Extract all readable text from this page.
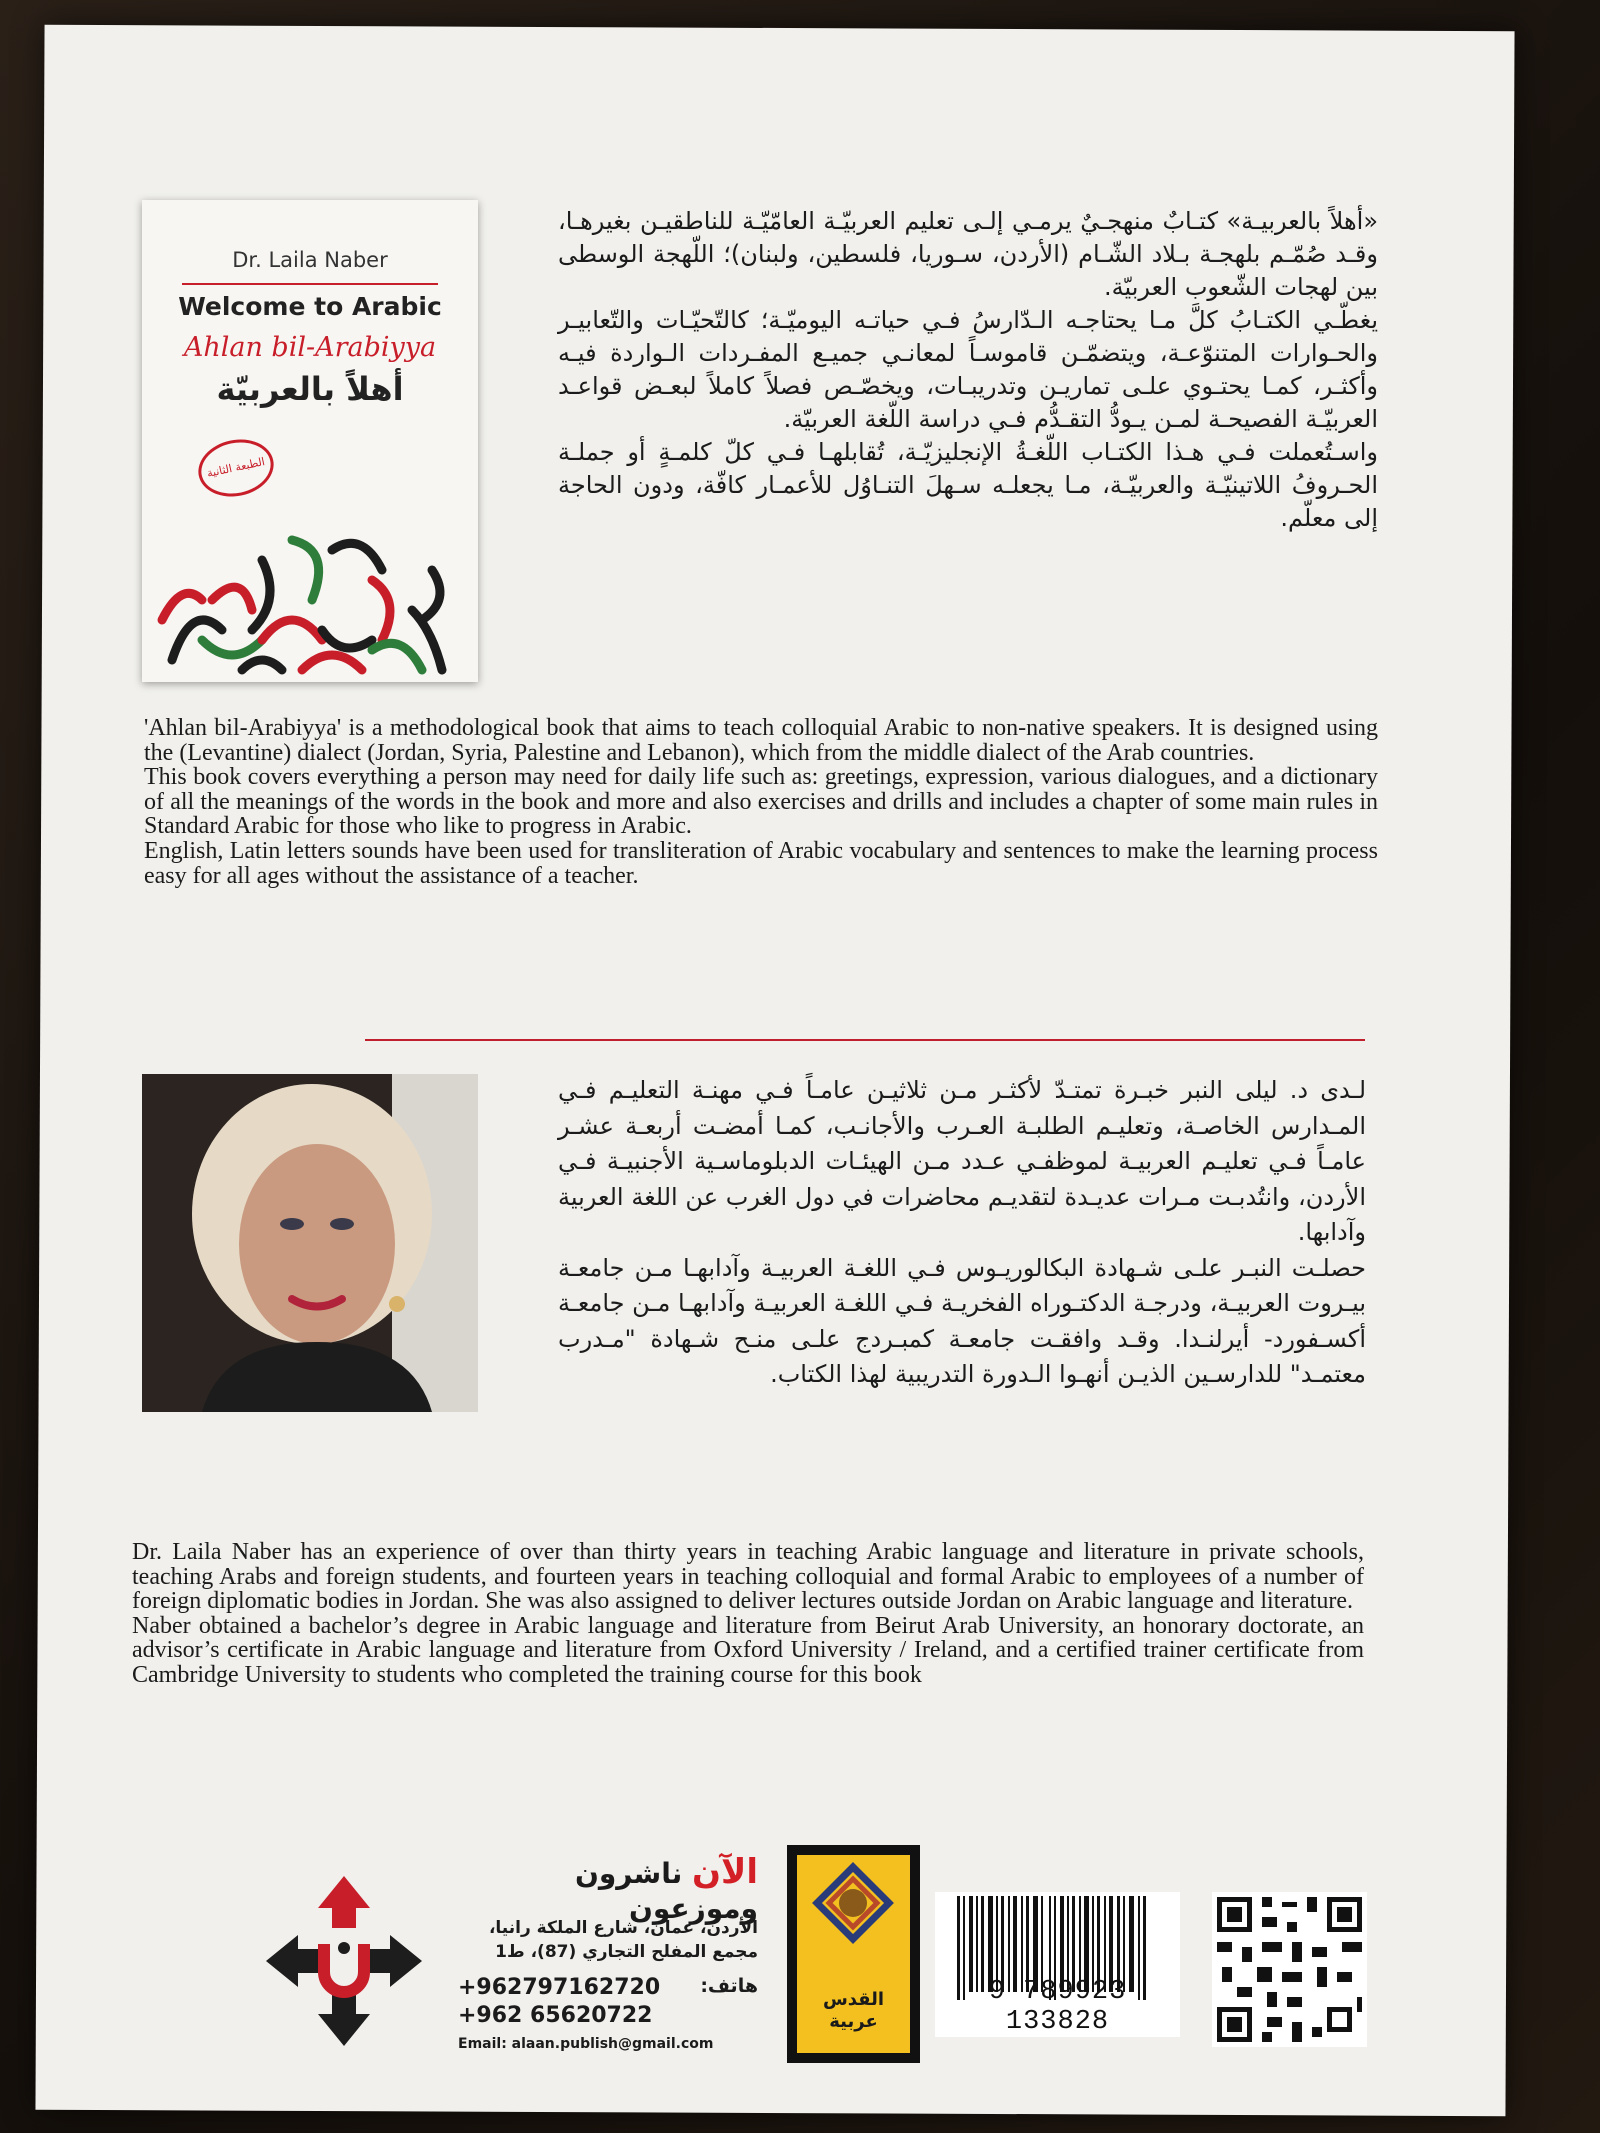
Dr. Laila Naber
Welcome to Arabic
Ahlan bil-Arabiyya
أهلاً بالعربيّة
الطبعة الثانية

«أهلاً بالعربيـة» كتـابٌ منهجـيٌ يرمـي إلـى تعليم العربيّـة العامّيّـة للناطقيـن بغيرهـا، وقـد صُمّـم بلهجـة بـلاد الشّـام (الأردن، سـوريا، فلسطين، ولبنان)؛ اللّهجة الوسطى بين لهجات الشّعوب العربيّة.

يغطّـي الكتـابُ كلَّ مـا يحتاجـه الـدّارسُ فـي حياتـه اليوميّـة؛ كالتّحيّـات والتّعابيـر والحـوارات المتنوّعـة، ويتضمّـن قاموسـاً لمعانـي جميـع المفـردات الـواردة فيـه وأكثـر، كمـا يحتـوي علـى تماريـن وتدريبـات، ويخصّـص فصلاً كاملاً لبعـض قواعـد العربيّـة الفصيحـة لمـن يـودُّ التقـدُّم فـي دراسة اللّغة العربيّة.

واسـتُعملت فـي هـذا الكتـاب اللّغـةُ الإنجليزيّـة، تُقابلهـا فـي كلّ كلمـةٍ أو جملـة الحـروفُ اللاتينيّـة والعربيّـة، مـا يجعلـه سـهلَ التنـاوُل للأعمـار كافّة، ودون الحاجة إلى معلّم.

'Ahlan bil-Arabiyya' is a methodological book that aims to teach colloquial Arabic to non-native speakers. It is designed using the (Levantine) dialect (Jordan, Syria, Palestine and Lebanon), which from the middle dialect of the Arab countries.

This book covers everything a person may need for daily life such as: greetings, expression, various dialogues, and a dictionary of all the meanings of the words in the book and more and also exercises and drills and includes a chapter of some main rules in Standard Arabic for those who like to progress in Arabic.

English, Latin letters sounds have been used for transliteration of Arabic vocabulary and sentences to make the learning process easy for all ages without the assistance of a teacher.

لـدى د. ليلى النبر خبـرة تمتـدّ لأكثـر مـن ثلاثيـن عامـاً فـي مهنـة التعليـم فـي المـدارس الخاصـة، وتعليـم الطلبـة العـرب والأجانـب، كمـا أمضـت أربعـة عشـر عامـاً فـي تعليـم العربيـة لموظفـي عـدد مـن الهيئـات الدبلوماسـية الأجنبيـة فـي الأردن، وانتُدبـت مـرات عديـدة لتقديـم محاضرات في دول الغرب عن اللغة العربية وآدابها.

حصلـت النبـر علـى شـهادة البكالوريـوس فـي اللغـة العربيـة وآدابهـا مـن جامعـة بيـروت العربيـة، ودرجـة الدكتـوراه الفخريـة فـي اللغـة العربيـة وآدابهـا مـن جامعـة أكسـفورد- أيرلنـدا. وقـد وافقـت جامعـة كمبـردج علـى منـح شـهادة "مـدرب معتمـد" للدارسـين الذيـن أنهـوا الـدورة التدريبية لهذا الكتاب.

Dr. Laila Naber has an experience of over than thirty years in teaching Arabic language and literature in private schools, teaching Arabs and foreign students, and fourteen years in teaching colloquial and formal Arabic to employees of a number of foreign diplomatic bodies in Jordan. She was also assigned to deliver lectures outside Jordan on Arabic language and literature.

Naber obtained a bachelor’s degree in Arabic language and literature from Beirut Arab University, an honorary doctorate, an advisor’s certificate in Arabic language and literature from Oxford University / Ireland, and a certified trainer certificate from Cambridge University to students who completed the training course for this book

الآن ناشرون وموزعون
الأردن، عمان، شارع الملكة رانيا،
مجمع المفلح التجاري (87)، ط1
هاتف:
+962797162720
+962 65620722
Email: alaan.publish@gmail.com
القدس
عربية
9 789923 133828
